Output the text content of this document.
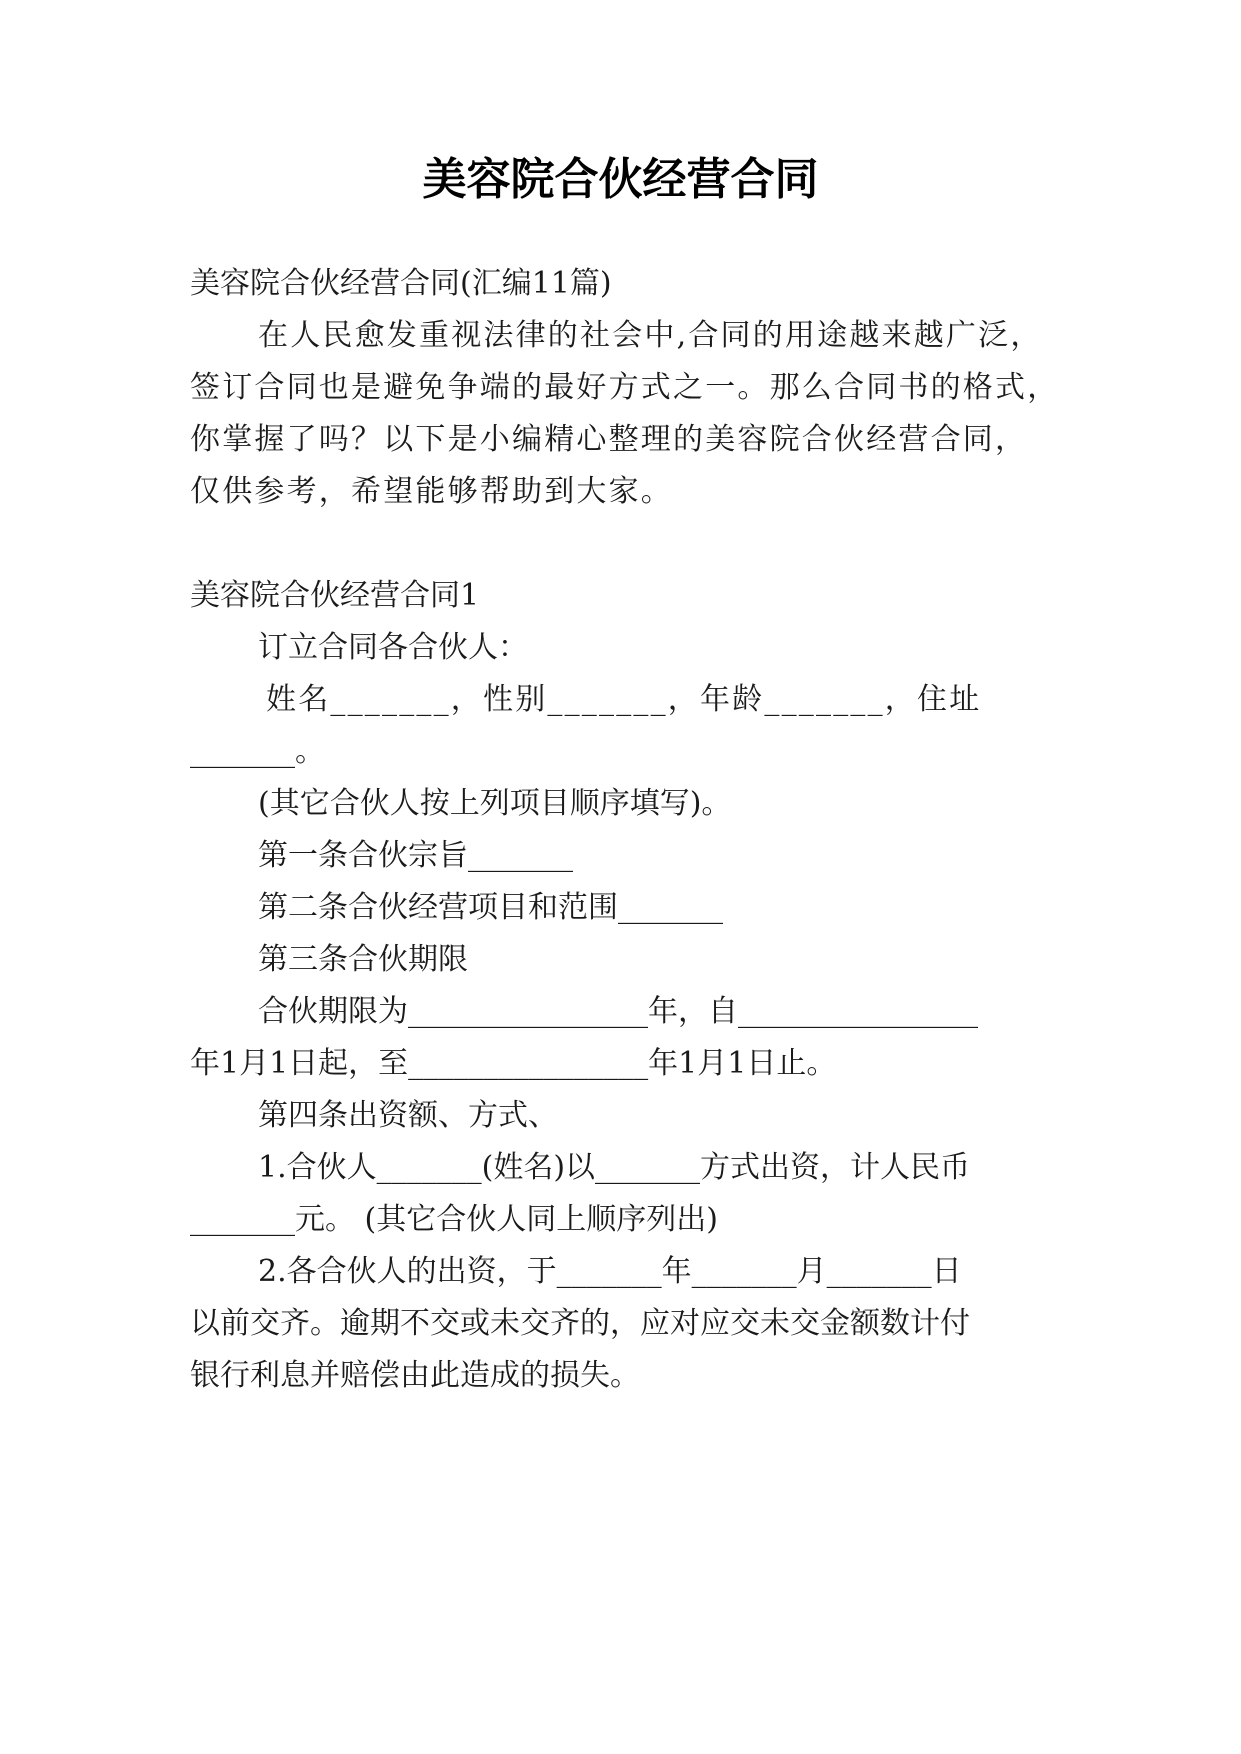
美容院合伙经营合同
美容院合伙经营合同(汇编11篇)
在人民愈发重视法律的社会中,合同的用途越来越广泛，
签订合同也是避免争端的最好方式之一。那么合同书的格式，
你掌握了吗？以下是小编精心整理的美容院合伙经营合同，
仅供参考，希望能够帮助到大家。
美容院合伙经营合同1
订立合同各合伙人：
姓名_______，性别_______，年龄_______，住址
_______。
(其它合伙人按上列项目顺序填写)。
第一条合伙宗旨_______
第二条合伙经营项目和范围_______
第三条合伙期限
合伙期限为________________年，自________________
年1月1日起，至________________年1月1日止。
第四条出资额、方式、
1.合伙人_______(姓名)以_______方式出资，计人民币
_______元。 (其它合伙人同上顺序列出)
2.各合伙人的出资，于_______年_______月_______日
以前交齐。逾期不交或未交齐的，应对应交未交金额数计付
银行利息并赔偿由此造成的损失。
